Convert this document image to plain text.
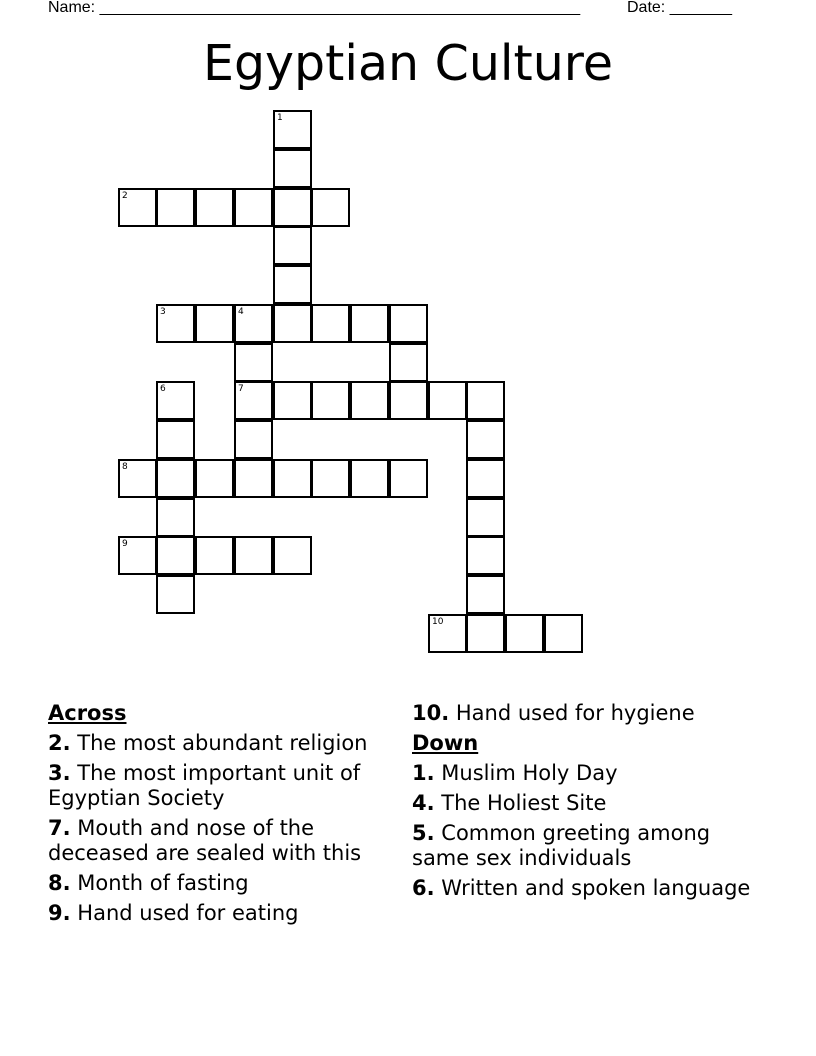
Name: ______________________________________________________	Date: _______
Egyptian Culture
1
2
3	4
6	7
8
9
10
Across
2. The most abundant religion
3. The most important unit of Egyptian Society
7. Mouth and nose of the deceased are sealed with this
8. Month of fasting
9. Hand used for eating
10. Hand used for hygiene
Down
1. Muslim Holy Day
4. The Holiest Site
5. Common greeting among same sex individuals
6. Written and spoken language
